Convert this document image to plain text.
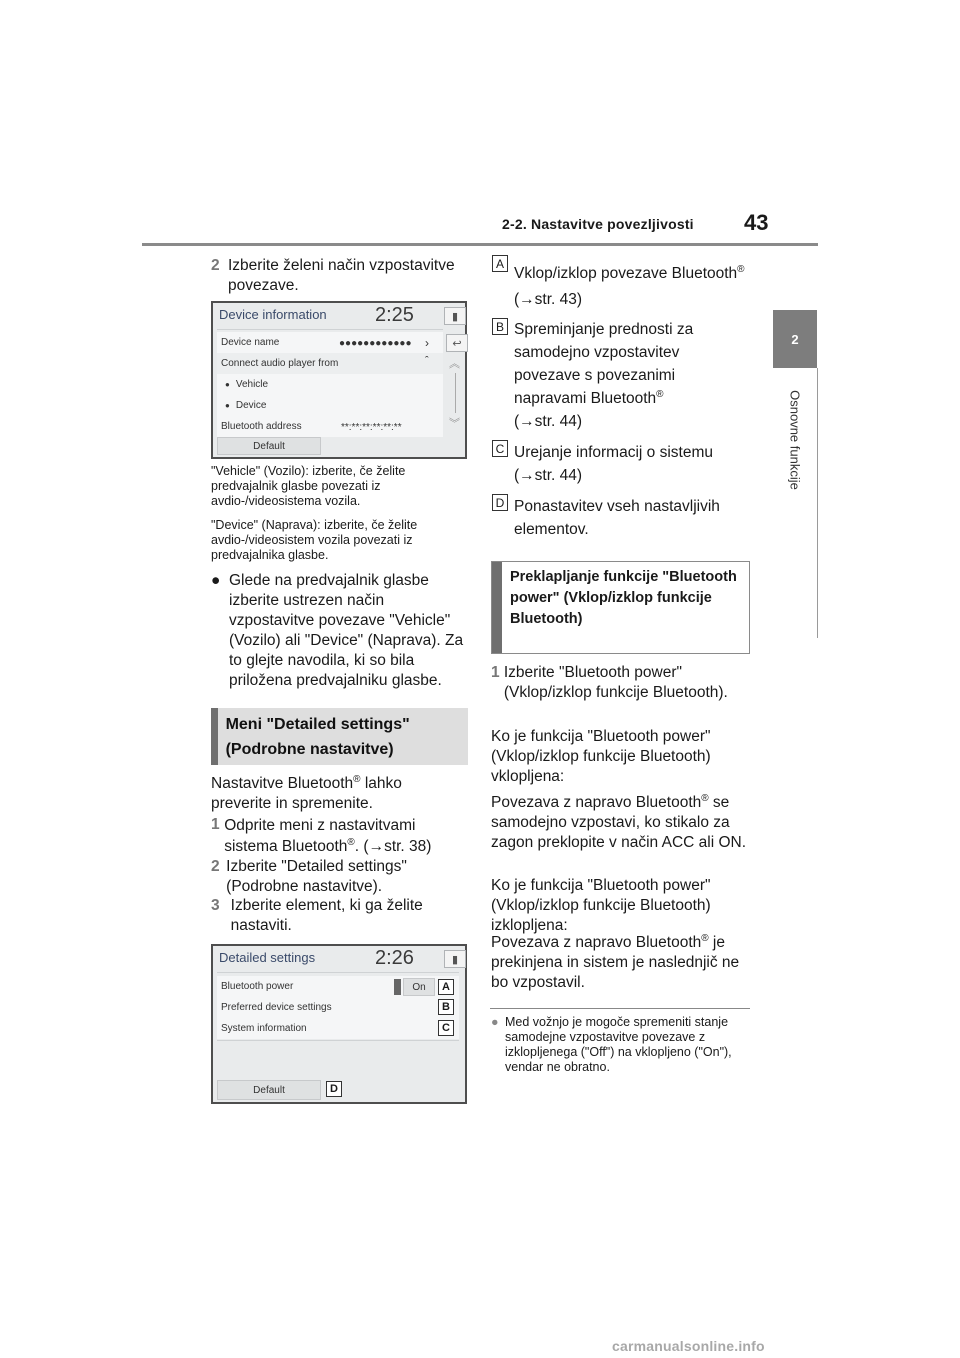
2-2. Nastavitve povezljivosti 43
2
Osnovne funkcije
2 Izberite želeni način vzpostavitve povezave.
Device information 2:25	▮
Device name	●●●●●●●●●●●● ›	↩
Connect audio player from	ˆ
● Vehicle
● Device
Bluetooth address	**:**:**:**:**:**
︽
︾
Default
"Vehicle" (Vozilo): izberite, če želite predvajalnik glasbe povezati iz avdio-/videosistema vozila.
"Device" (Naprava): izberite, če želite avdio-/videosistem vozila povezati iz predvajalnika glasbe.
● Glede na predvajalnik glasbe izberite ustrezen način vzpostavitve povezave "Vehicle" (Vozilo) ali "Device" (Naprava). Za to glejte navodila, ki so bila priložena predvajalniku glasbe.
Meni "Detailed settings" (Podrobne nastavitve)
Nastavitve Bluetooth® lahko preverite in spremenite.
1 Odprite meni z nastavitvami sistema Bluetooth®. (→str. 38)
2 Izberite "Detailed settings" (Podrobne nastavitve).
3 Izberite element, ki ga želite nastaviti.
Detailed settings	2:26	▮
Bluetooth power	On
Preferred device settings
System information
Default
A
B
C
D
A
Vklop/izklop povezave Bluetooth® (→str. 43)
B Spreminjanje prednosti za samodejno vzpostavitev povezave s povezanimi napravami Bluetooth®
(→str. 44)
C Urejanje informacij o sistemu
(→str. 44)
D Ponastavitev vseh nastavljivih elementov.
Preklapljanje funkcije "Bluetooth power" (Vklop/izklop funkcije Bluetooth)
1 Izberite "Bluetooth power" (Vklop/izklop funkcije Bluetooth).
Ko je funkcija "Bluetooth power" (Vklop/izklop funkcije Bluetooth) vklopljena:
Povezava z napravo Bluetooth® se samodejno vzpostavi, ko stikalo za zagon preklopite v način ACC ali ON.
Ko je funkcija "Bluetooth power" (Vklop/izklop funkcije Bluetooth) izklopljena:
Povezava z napravo Bluetooth® je prekinjena in sistem je naslednjič ne bo vzpostavil.
● Med vožnjo je mogoče spremeniti stanje samodejne vzpostavitve povezave z izklopljenega ("Off") na vklopljeno ("On"), vendar ne obratno.
carmanualsonline.info
